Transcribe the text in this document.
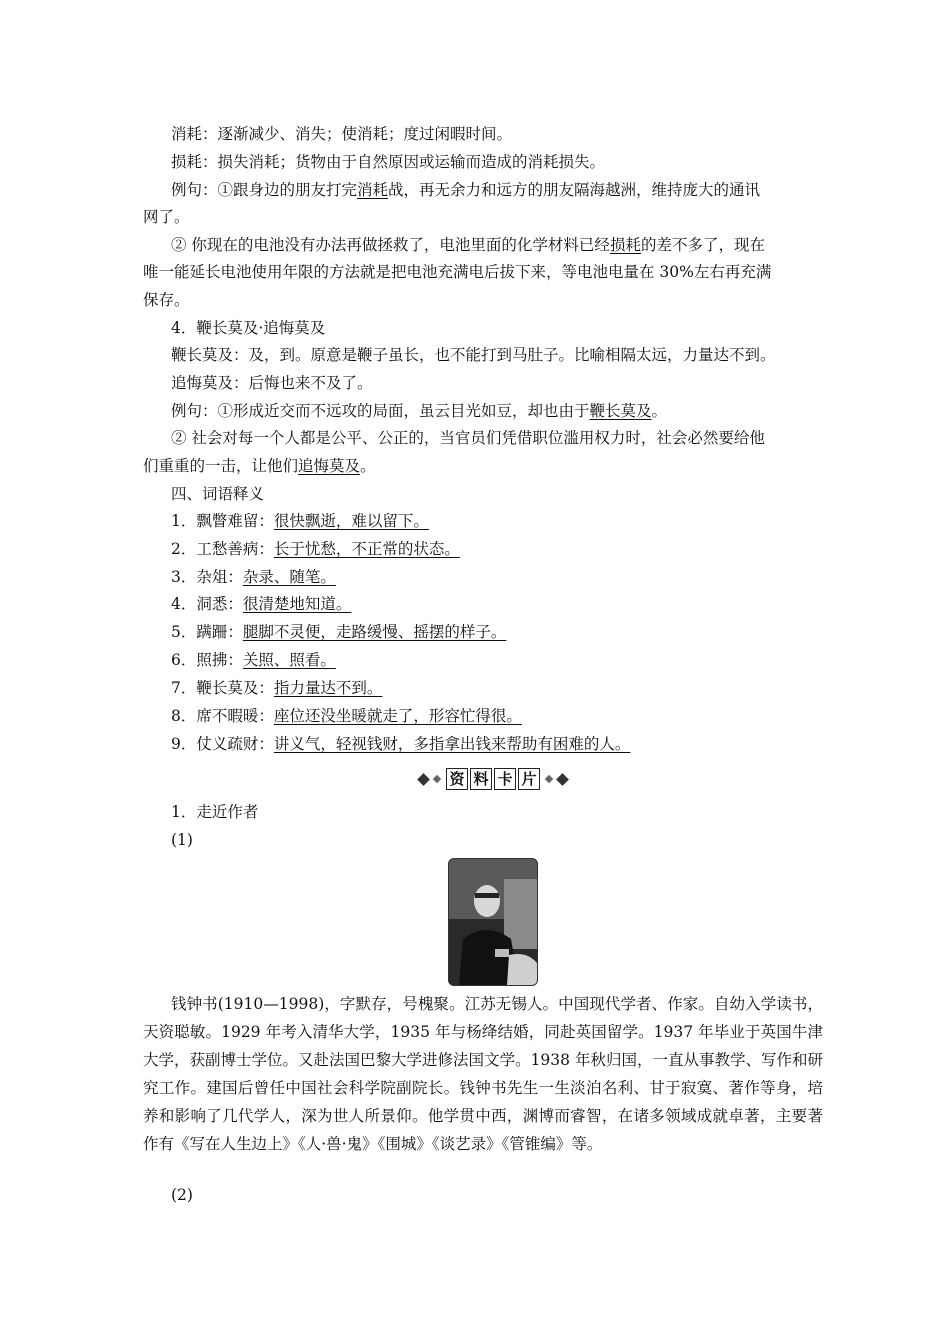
消耗：逐渐减少、消失；使消耗；度过闲暇时间。
损耗：损失消耗；货物由于自然原因或运输而造成的消耗损失。
例句：①跟身边的朋友打完消耗战，再无余力和远方的朋友隔海越洲，维持庞大的通讯
网了。
② 你现在的电池没有办法再做拯救了，电池里面的化学材料已经损耗的差不多了，现在
唯一能延长电池使用年限的方法就是把电池充满电后拔下来，等电池电量在 30%左右再充满
保存。
4．鞭长莫及·追悔莫及
鞭长莫及：及，到。原意是鞭子虽长，也不能打到马肚子。比喻相隔太远，力量达不到。
追悔莫及：后悔也来不及了。
例句：①形成近交而不远攻的局面，虽云目光如豆，却也由于鞭长莫及。
② 社会对每一个人都是公平、公正的，当官员们凭借职位滥用权力时，社会必然要给他
们重重的一击，让他们追悔莫及。
四、词语释义
1．飘瞥难留：很快飘逝，难以留下。
2．工愁善病：长于忧愁，不正常的状态。
3．杂俎：杂录、随笔。
4．洞悉：很清楚地知道。
5．蹒跚：腿脚不灵便，走路缓慢、摇摆的样子。
6．照拂：关照、照看。
7．鞭长莫及：指力量达不到。
8．席不暇暖：座位还没坐暖就走了，形容忙得很。
9．仗义疏财：讲义气，轻视钱财，多指拿出钱来帮助有困难的人。
资 料 卡 片
1．走近作者
(1)
钱钟书(1910—1998)，字默存，号槐聚。江苏无锡人。中国现代学者、作家。自幼入学读书，天资聪敏。1929 年考入清华大学，1935 年与杨绛结婚，同赴英国留学。1937 年毕业于英国牛津大学，获副博士学位。又赴法国巴黎大学进修法国文学。1938 年秋归国，一直从事教学、写作和研究工作。建国后曾任中国社会科学院副院长。钱钟书先生一生淡泊名利、甘于寂寞、著作等身，培养和影响了几代学人，深为世人所景仰。他学贯中西，渊博而睿智，在诸多领域成就卓著，主要著作有《写在人生边上》《人·兽·鬼》《围城》《谈艺录》《管锥编》等。
(2)
